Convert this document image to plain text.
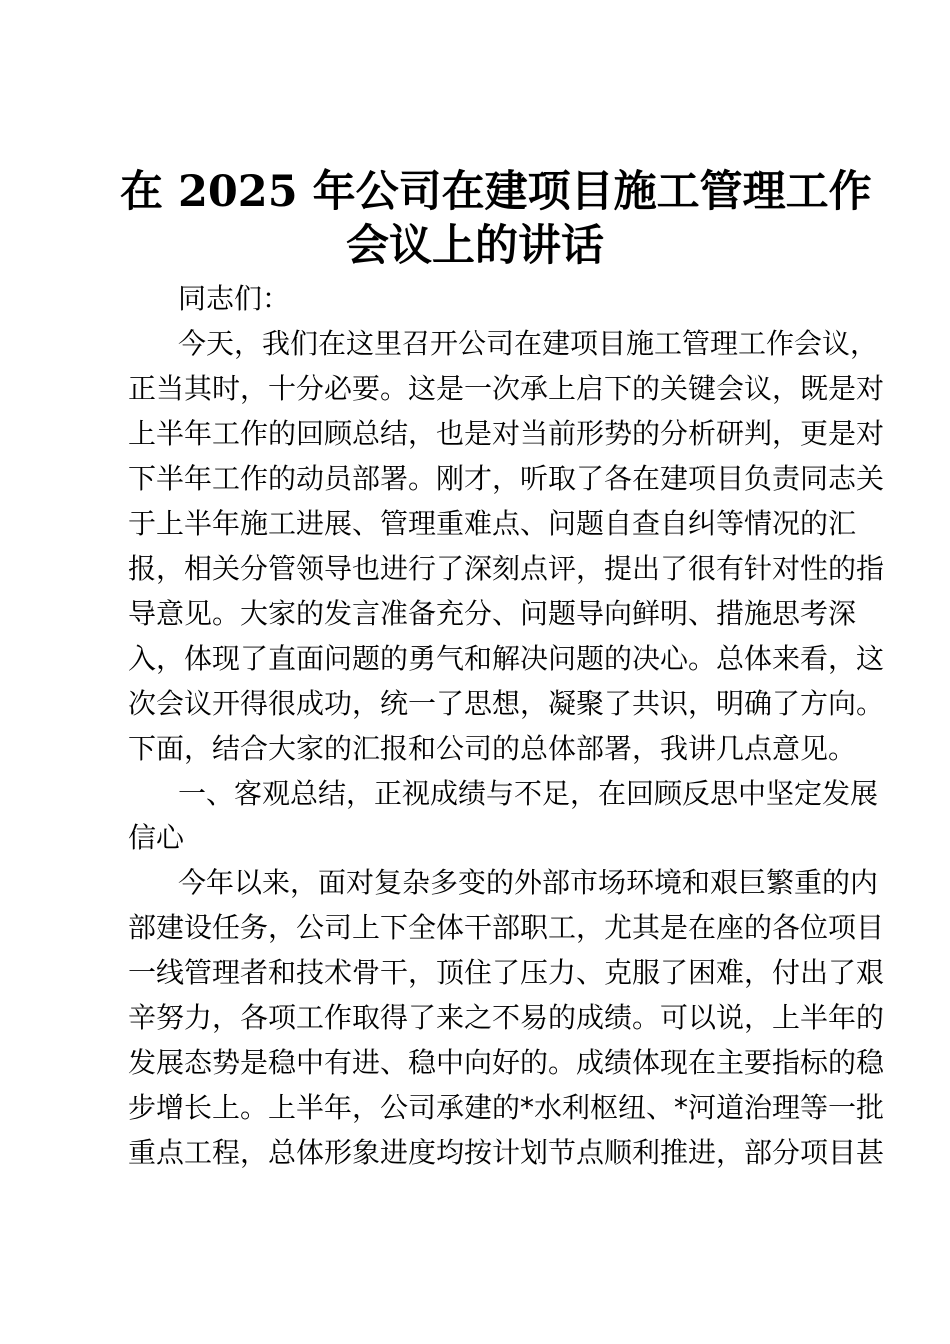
在 2025 年公司在建项目施工管理工作
会议上的讲话
同志们：
今天，我们在这里召开公司在建项目施工管理工作会议，
正当其时，十分必要。这是一次承上启下的关键会议，既是对
上半年工作的回顾总结，也是对当前形势的分析研判，更是对
下半年工作的动员部署。刚才，听取了各在建项目负责同志关
于上半年施工进展、管理重难点、问题自查自纠等情况的汇
报，相关分管领导也进行了深刻点评，提出了很有针对性的指
导意见。大家的发言准备充分、问题导向鲜明、措施思考深
入，体现了直面问题的勇气和解决问题的决心。总体来看，这
次会议开得很成功，统一了思想，凝聚了共识，明确了方向。
下面，结合大家的汇报和公司的总体部署，我讲几点意见。
一、客观总结，正视成绩与不足，在回顾反思中坚定发展
信心
今年以来，面对复杂多变的外部市场环境和艰巨繁重的内
部建设任务，公司上下全体干部职工，尤其是在座的各位项目
一线管理者和技术骨干，顶住了压力、克服了困难，付出了艰
辛努力，各项工作取得了来之不易的成绩。可以说，上半年的
发展态势是稳中有进、稳中向好的。成绩体现在主要指标的稳
步增长上。上半年，公司承建的*水利枢纽、*河道治理等一批
重点工程，总体形象进度均按计划节点顺利推进，部分项目甚
